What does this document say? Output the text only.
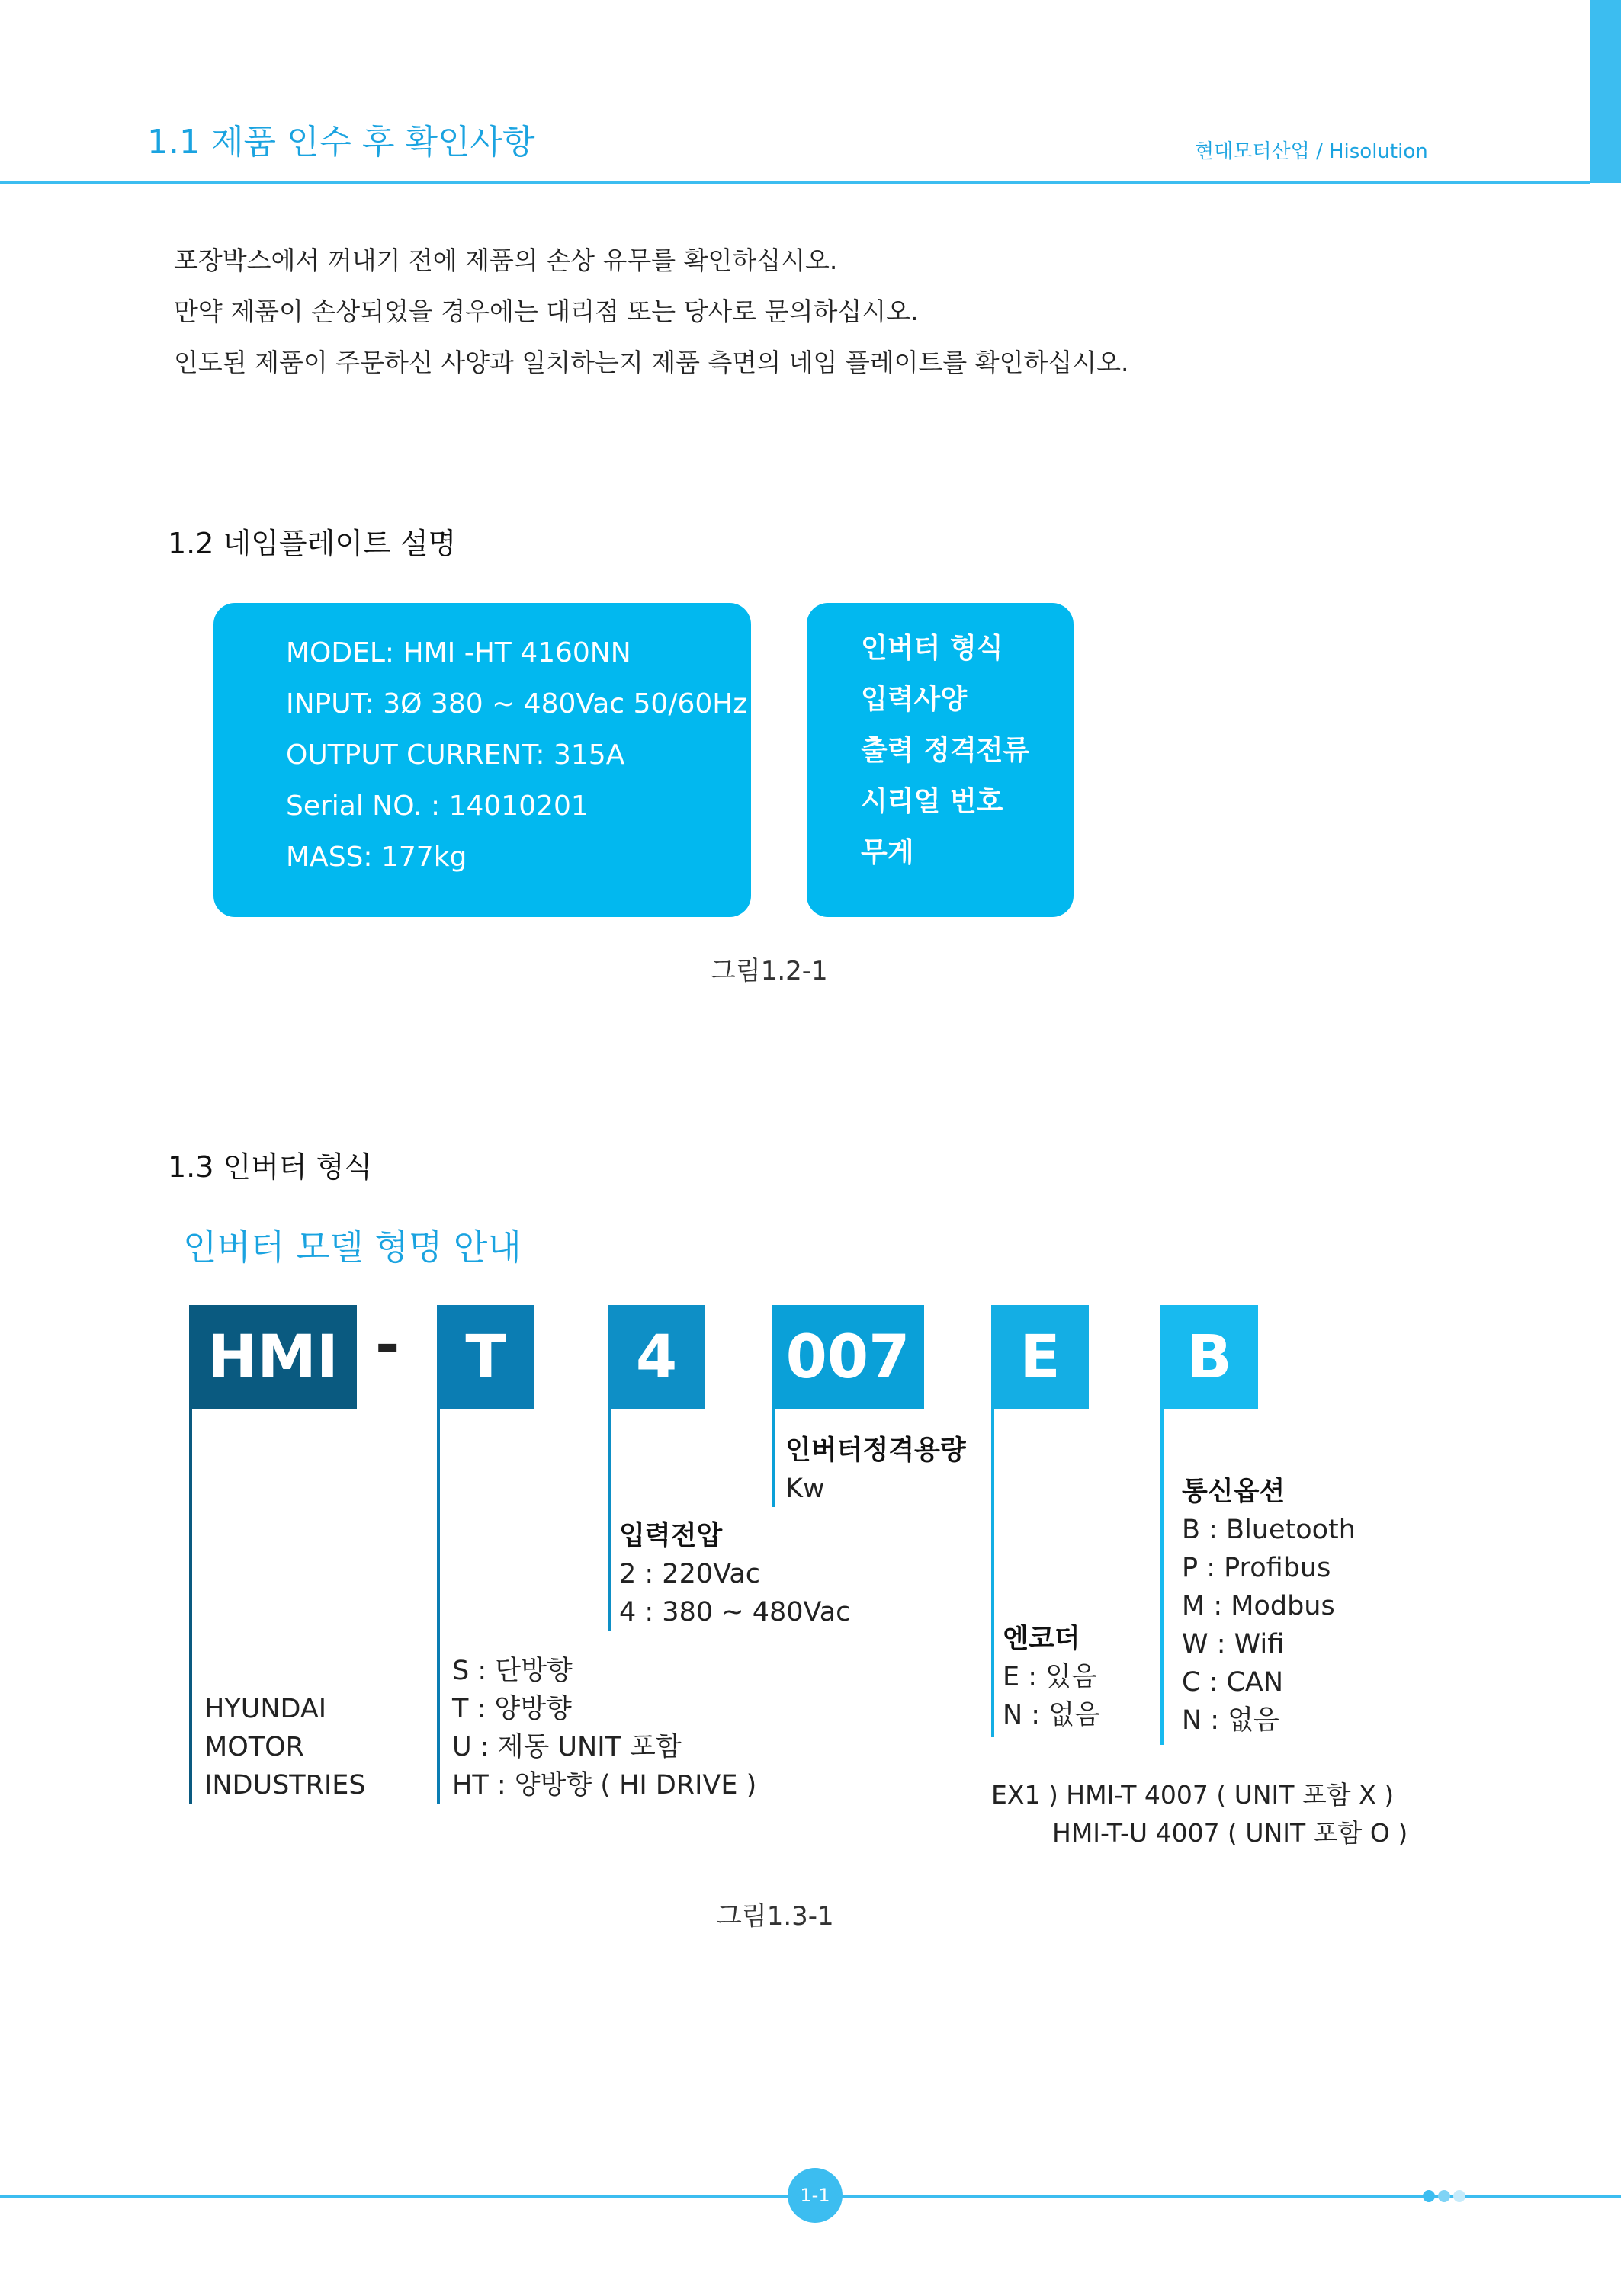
1.1 제품 인수 후 확인사항	현대모터산업 / Hisolution
포장박스에서 꺼내기 전에 제품의 손상 유무를 확인하십시오.
만약 제품이 손상되었을 경우에는 대리점 또는 당사로 문의하십시오.
인도된 제품이 주문하신 사양과 일치하는지 제품 측면의 네임 플레이트를 확인하십시오.
1.2 네임플레이트 설명
MODEL: HMI -HT 4160NN
INPUT: 3Ø 380 ~ 480Vac 50/60Hz
OUTPUT CURRENT: 315A
Serial NO. : 14010201
MASS: 177kg
인버터 형식
입력사양
출력 정격전류
시리얼 번호
무게
그림1.2-1
1.3 인버터 형식
인버터 모델 형명 안내
HMI -	T	4	007	E	B
HYUNDAI
MOTOR
INDUSTRIES
S : 단방향
T : 양방향
U : 제동 UNIT 포함
HT : 양방향 ( HI DRIVE )
입력전압
2 : 220Vac
4 : 380 ~ 480Vac
인버터정격용량
Kw
엔코더
E : 있음
N : 없음
통신옵션
B : Bluetooth
P : Profibus
M : Modbus
W : Wifi
C : CAN
N : 없음
EX1 ) HMI-T 4007 ( UNIT 포함 X )
HMI-T-U 4007 ( UNIT 포함 O )
그림1.3-1
1-1
